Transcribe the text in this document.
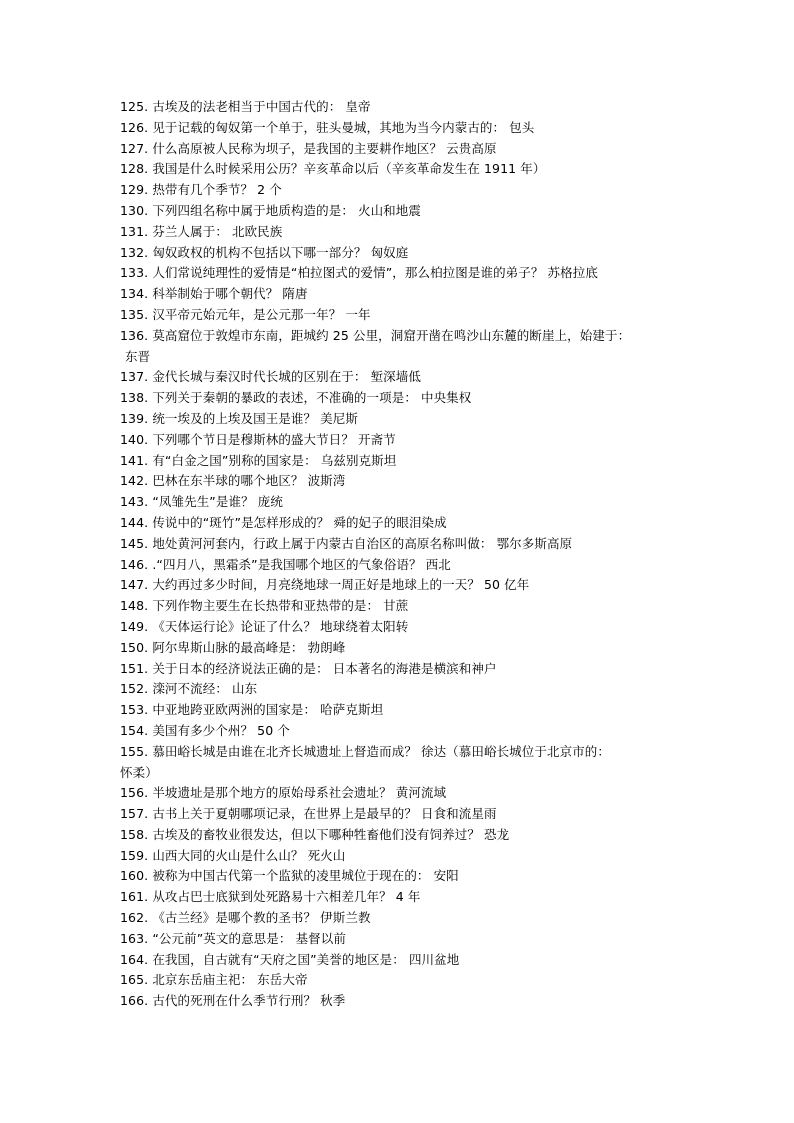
125. 古埃及的法老相当于中国古代的： 皇帝
126. 见于记载的匈奴第一个单于，驻头曼城，其地为当今内蒙古的： 包头
127. 什么高原被人民称为坝子，是我国的主要耕作地区？ 云贵高原
128. 我国是什么时候采用公历？辛亥革命以后（辛亥革命发生在 1911 年）
129. 热带有几个季节？ 2 个
130. 下列四组名称中属于地质构造的是： 火山和地震
131. 芬兰人属于： 北欧民族
132. 匈奴政权的机构不包括以下哪一部分？ 匈奴庭
133. 人们常说纯理性的爱情是“柏拉图式的爱情”，那么柏拉图是谁的弟子？ 苏格拉底
134. 科举制始于哪个朝代？ 隋唐
135. 汉平帝元始元年，是公元那一年？ 一年
136. 莫高窟位于敦煌市东南，距城约 25 公里，洞窟开凿在鸣沙山东麓的断崖上，始建于：
东晋
137. 金代长城与秦汉时代长城的区别在于： 堑深墙低
138. 下列关于秦朝的暴政的表述，不准确的一项是： 中央集权
139. 统一埃及的上埃及国王是谁？ 美尼斯
140. 下列哪个节日是穆斯林的盛大节日？ 开斋节
141. 有“白金之国”别称的国家是： 乌兹别克斯坦
142. 巴林在东半球的哪个地区？ 波斯湾
143. “凤雏先生”是谁？ 庞统
144. 传说中的“斑竹”是怎样形成的？ 舜的妃子的眼泪染成
145. 地处黄河河套内，行政上属于内蒙古自治区的高原名称叫做： 鄂尔多斯高原
146. .“四月八，黑霜杀”是我国哪个地区的气象俗语？ 西北
147. 大约再过多少时间，月亮绕地球一周正好是地球上的一天？ 50 亿年
148. 下列作物主要生在长热带和亚热带的是： 甘蔗
149. 《天体运行论》论证了什么？ 地球绕着太阳转
150. 阿尔卑斯山脉的最高峰是： 勃朗峰
151. 关于日本的经济说法正确的是： 日本著名的海港是横滨和神户
152. 滦河不流经： 山东
153. 中亚地跨亚欧两洲的国家是： 哈萨克斯坦
154. 美国有多少个州？ 50 个
155. 慕田峪长城是由谁在北齐长城遗址上督造而成？ 徐达（慕田峪长城位于北京市的：
怀柔）
156. 半坡遗址是那个地方的原始母系社会遗址？ 黄河流域
157. 古书上关于夏朝哪项记录，在世界上是最早的？ 日食和流星雨
158. 古埃及的畜牧业很发达，但以下哪种牲畜他们没有饲养过？ 恐龙
159. 山西大同的火山是什么山？ 死火山
160. 被称为中国古代第一个监狱的凌里城位于现在的： 安阳
161. 从攻占巴士底狱到处死路易十六相差几年？ 4 年
162. 《古兰经》是哪个教的圣书？ 伊斯兰教
163. “公元前”英文的意思是： 基督以前
164. 在我国，自古就有“天府之国”美誉的地区是： 四川盆地
165. 北京东岳庙主祀： 东岳大帝
166. 古代的死刑在什么季节行刑？ 秋季
